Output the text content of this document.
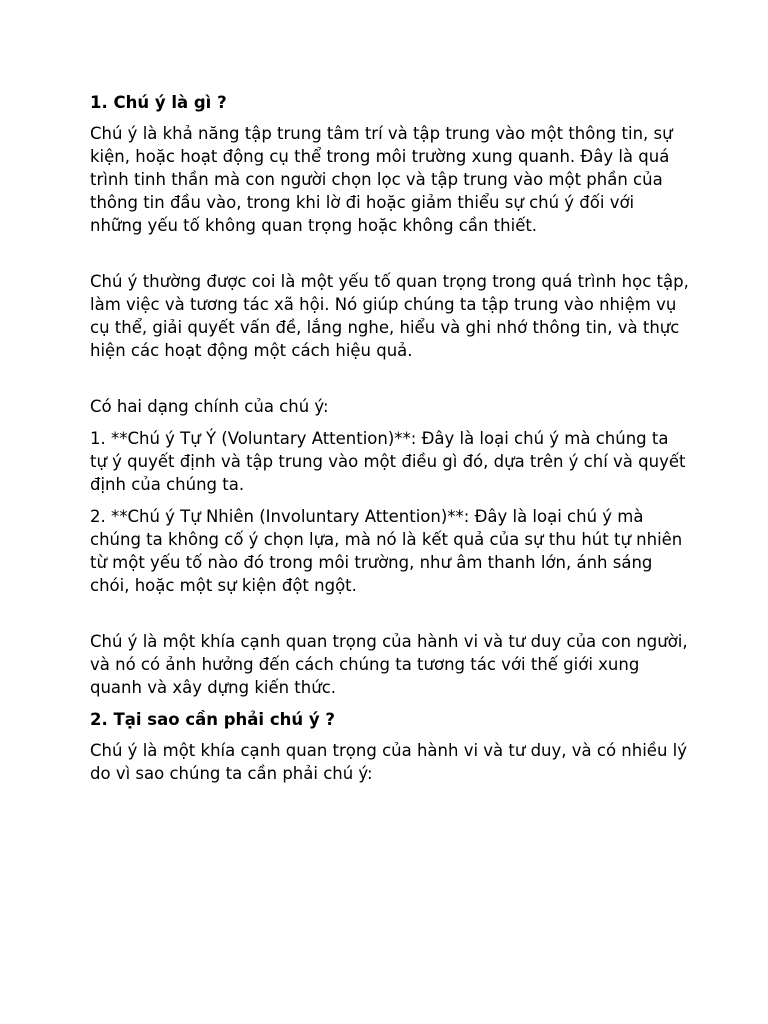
1. Chú ý là gì ?

Chú ý là khả năng tập trung tâm trí và tập trung vào một thông tin, sự kiện, hoặc hoạt động cụ thể trong môi trường xung quanh. Đây là quá trình tinh thần mà con người chọn lọc và tập trung vào một phần của thông tin đầu vào, trong khi lờ đi hoặc giảm thiểu sự chú ý đối với những yếu tố không quan trọng hoặc không cần thiết.

Chú ý thường được coi là một yếu tố quan trọng trong quá trình học tập, làm việc và tương tác xã hội. Nó giúp chúng ta tập trung vào nhiệm vụ cụ thể, giải quyết vấn đề, lắng nghe, hiểu và ghi nhớ thông tin, và thực hiện các hoạt động một cách hiệu quả.

Có hai dạng chính của chú ý:

1. **Chú ý Tự Ý (Voluntary Attention)**: Đây là loại chú ý mà chúng ta tự ý quyết định và tập trung vào một điều gì đó, dựa trên ý chí và quyết định của chúng ta.

2. **Chú ý Tự Nhiên (Involuntary Attention)**: Đây là loại chú ý mà chúng ta không cố ý chọn lựa, mà nó là kết quả của sự thu hút tự nhiên từ một yếu tố nào đó trong môi trường, như âm thanh lớn, ánh sáng chói, hoặc một sự kiện đột ngột.

Chú ý là một khía cạnh quan trọng của hành vi và tư duy của con người, và nó có ảnh hưởng đến cách chúng ta tương tác với thế giới xung quanh và xây dựng kiến thức.

2. Tại sao cần phải chú ý ?

Chú ý là một khía cạnh quan trọng của hành vi và tư duy, và có nhiều lý do vì sao chúng ta cần phải chú ý:
